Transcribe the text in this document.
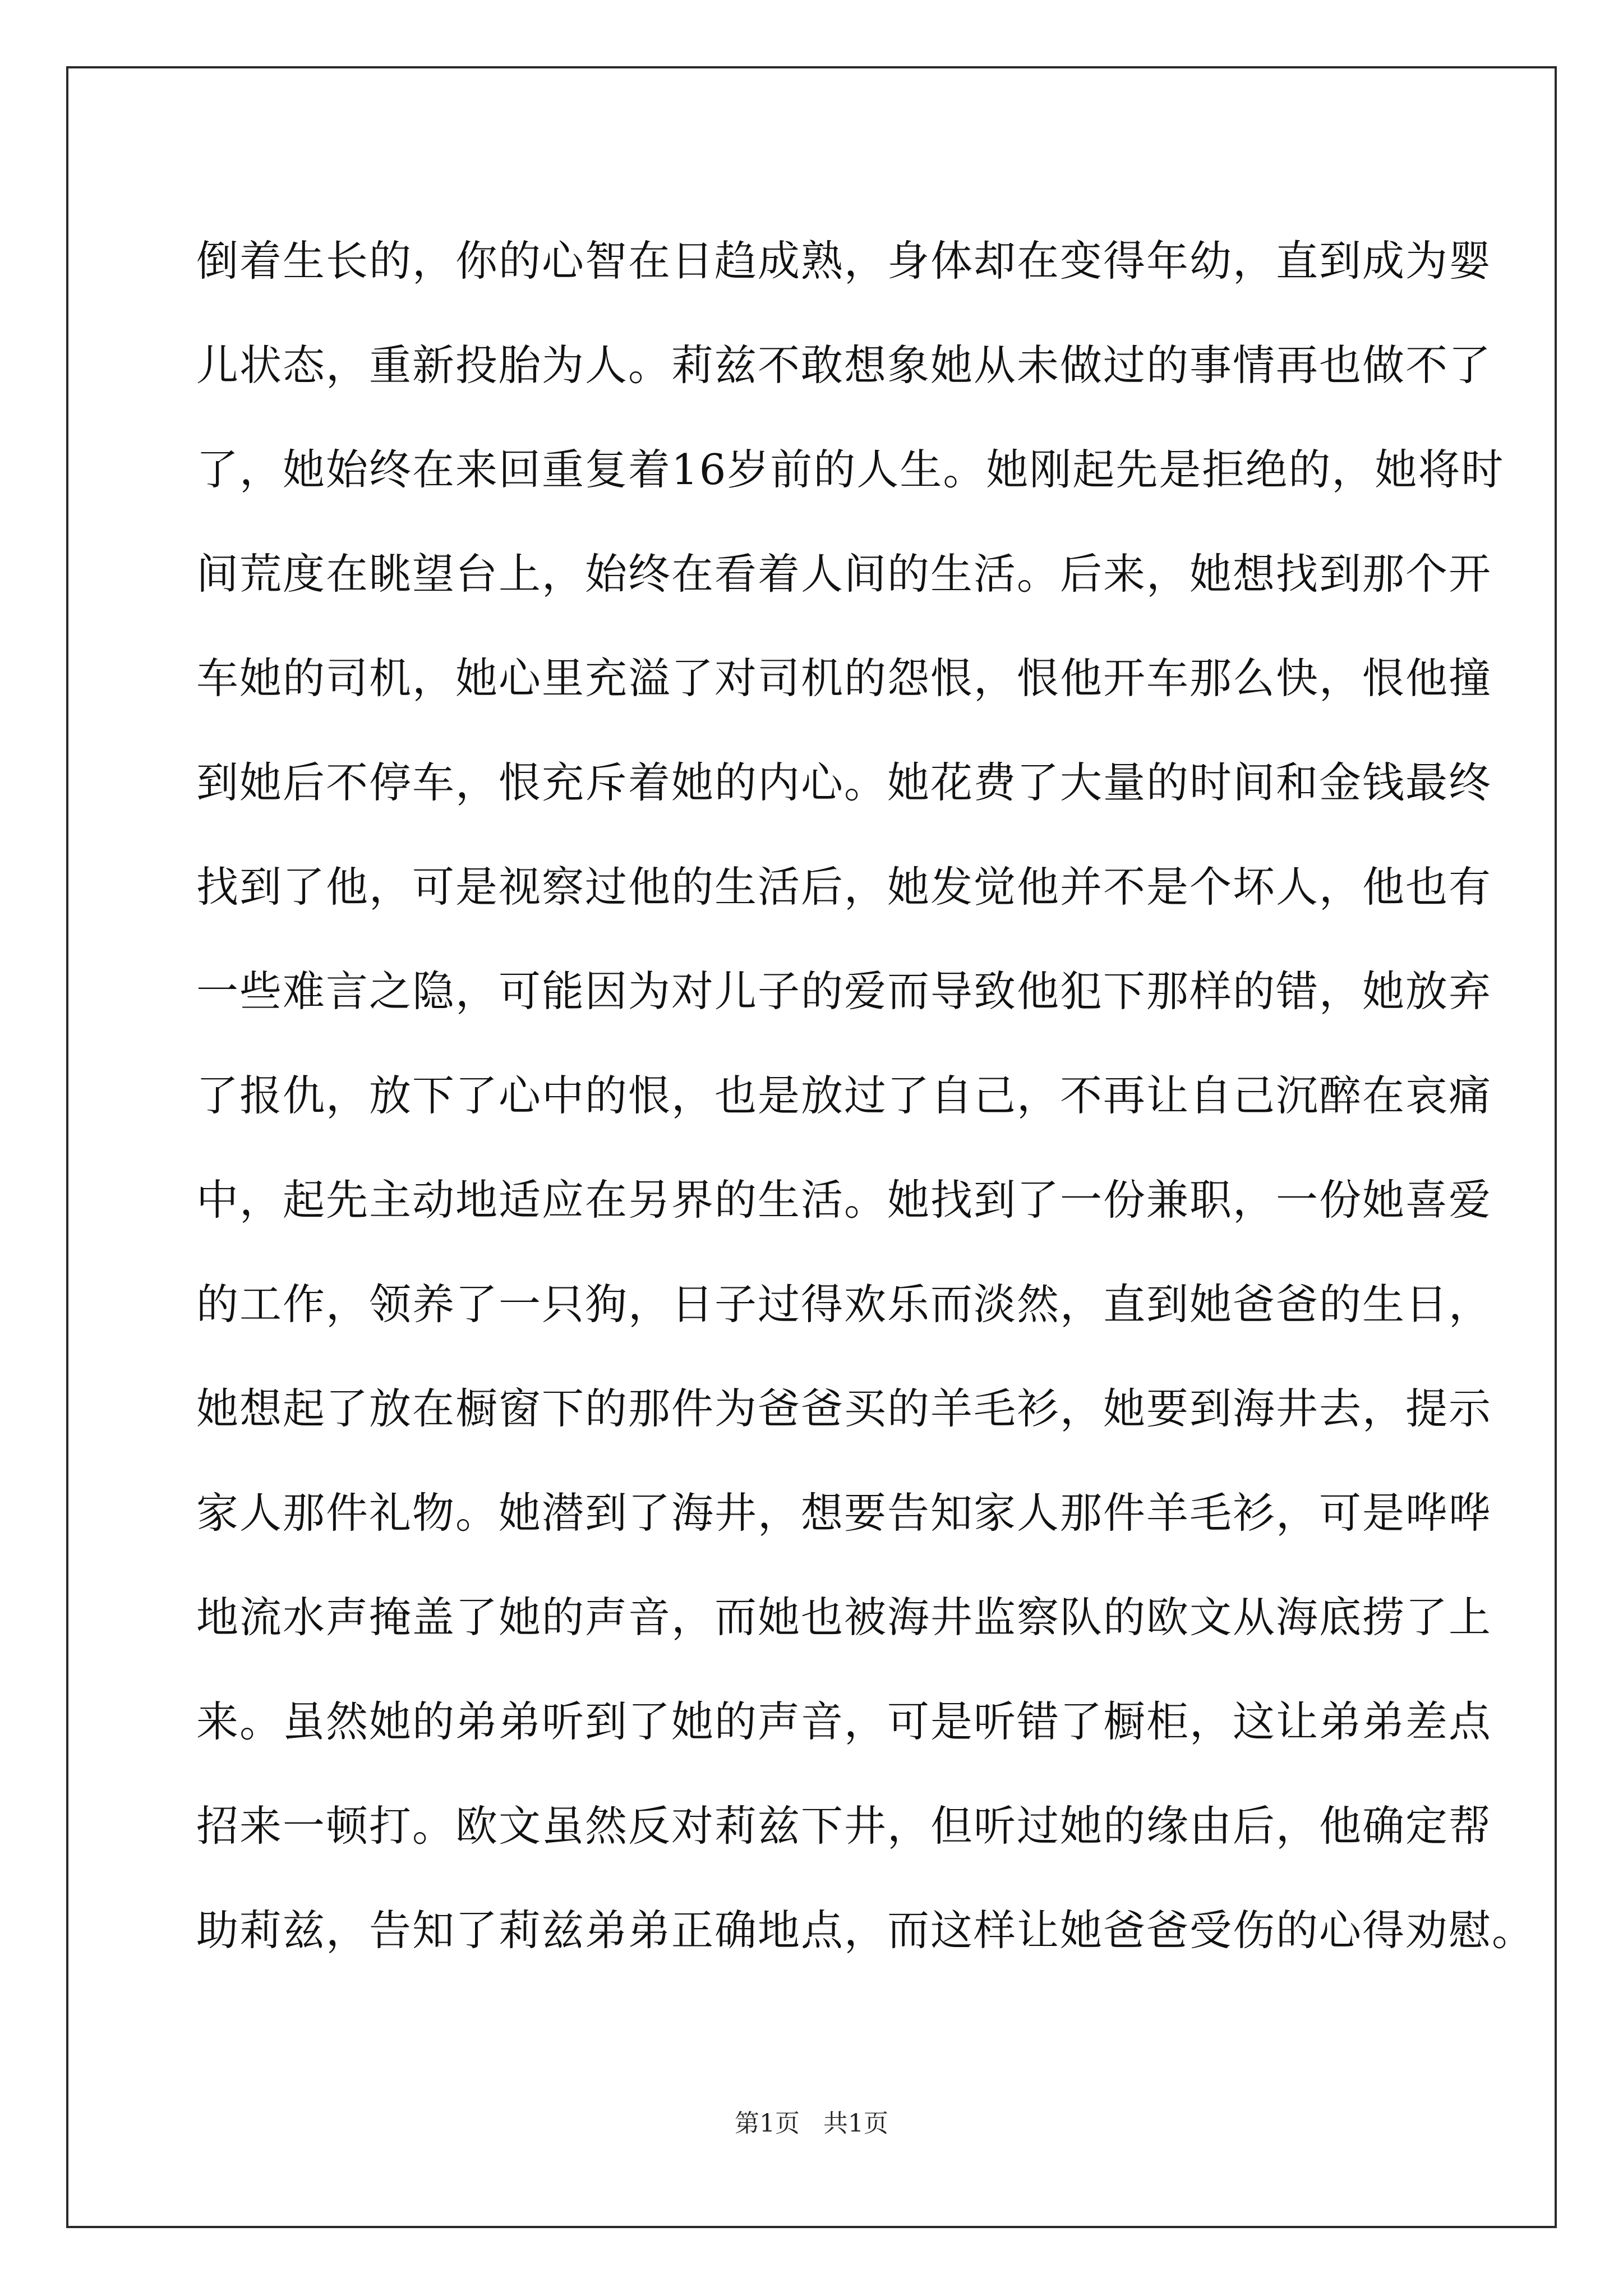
倒着生长的，你的心智在日趋成熟，身体却在变得年幼，直到成为婴
儿状态，重新投胎为人。莉兹不敢想象她从未做过的事情再也做不了
了，她始终在来回重复着16岁前的人生。她刚起先是拒绝的，她将时
间荒度在眺望台上，始终在看着人间的生活。后来，她想找到那个开
车她的司机，她心里充溢了对司机的怨恨，恨他开车那么快，恨他撞
到她后不停车，恨充斥着她的内心。她花费了大量的时间和金钱最终
找到了他，可是视察过他的生活后，她发觉他并不是个坏人，他也有
一些难言之隐，可能因为对儿子的爱而导致他犯下那样的错，她放弃
了报仇，放下了心中的恨，也是放过了自己，不再让自己沉醉在哀痛
中，起先主动地适应在另界的生活。她找到了一份兼职，一份她喜爱
的工作，领养了一只狗，日子过得欢乐而淡然，直到她爸爸的生日，
她想起了放在橱窗下的那件为爸爸买的羊毛衫，她要到海井去，提示
家人那件礼物。她潜到了海井，想要告知家人那件羊毛衫，可是哗哗
地流水声掩盖了她的声音，而她也被海井监察队的欧文从海底捞了上
来。虽然她的弟弟听到了她的声音，可是听错了橱柜，这让弟弟差点
招来一顿打。欧文虽然反对莉兹下井，但听过她的缘由后，他确定帮
助莉兹，告知了莉兹弟弟正确地点，而这样让她爸爸受伤的心得劝慰。
第1页   共1页
